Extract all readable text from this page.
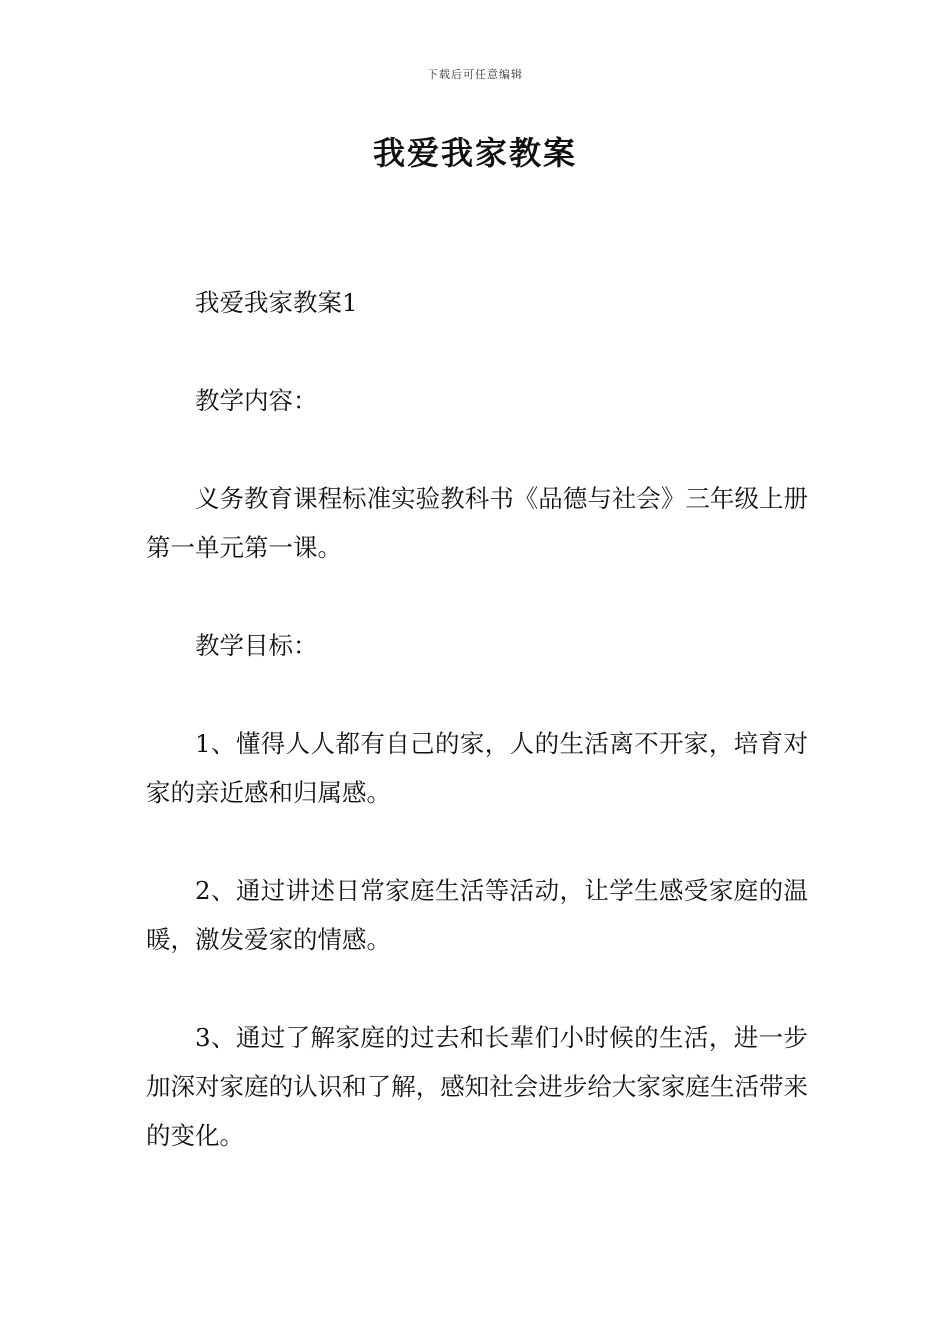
下载后可任意编辑
我爱我家教案

我爱我家教案1

教学内容：

义务教育课程标准实验教科书《品德与社会》三年级上册第一单元第一课。

教学目标：

1、懂得人人都有自己的家，人的生活离不开家，培育对家的亲近感和归属感。

2、通过讲述日常家庭生活等活动，让学生感受家庭的温暖，激发爱家的情感。

3、通过了解家庭的过去和长辈们小时候的生活，进一步加深对家庭的认识和了解，感知社会进步给大家家庭生活带来的变化。
